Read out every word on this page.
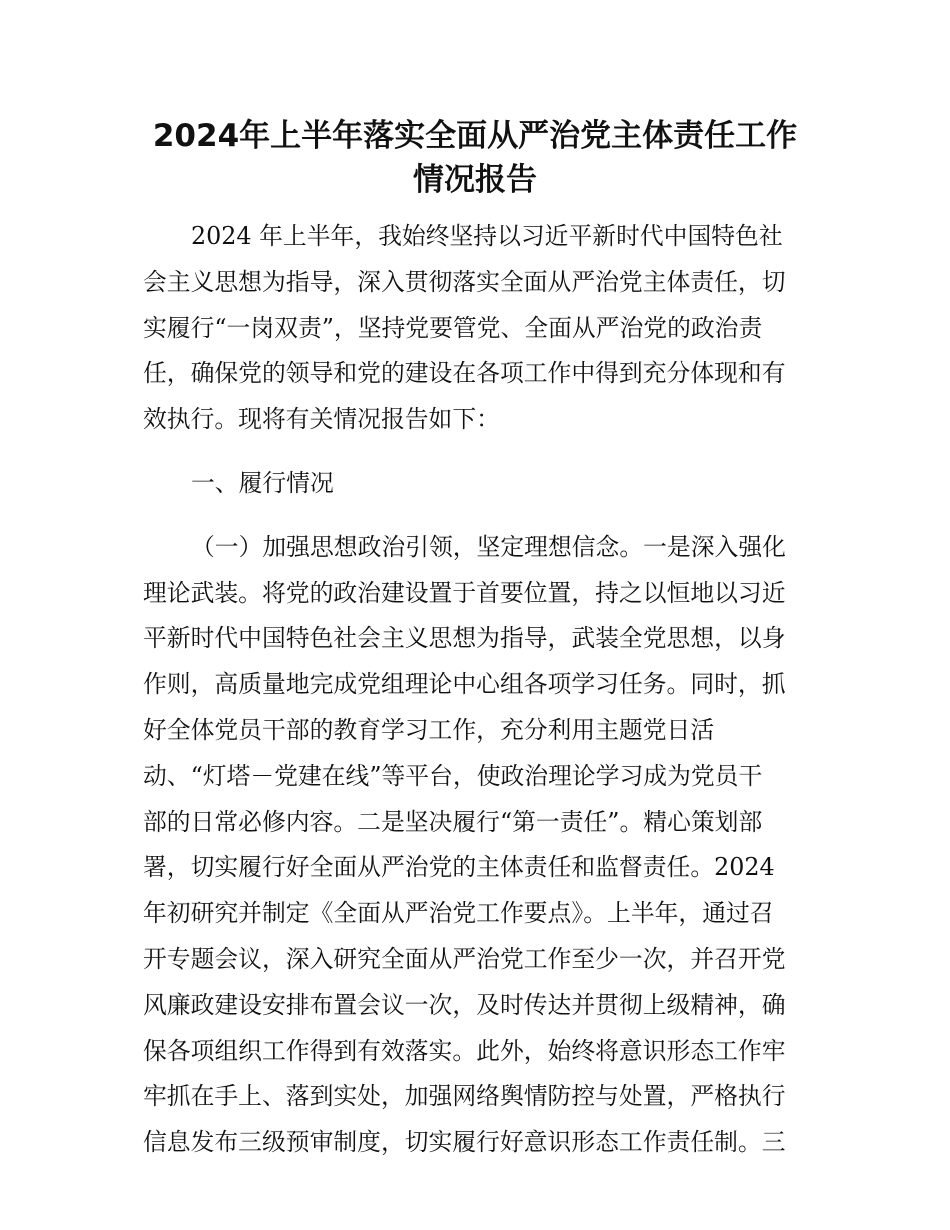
2024年上半年落实全面从严治党主体责任工作
情况报告
2024 年上半年，我始终坚持以习近平新时代中国特色社
会主义思想为指导，深入贯彻落实全面从严治党主体责任，切
实履行“一岗双责”，坚持党要管党、全面从严治党的政治责
任，确保党的领导和党的建设在各项工作中得到充分体现和有
效执行。现将有关情况报告如下：
一、履行情况
（一）加强思想政治引领，坚定理想信念。一是深入强化
理论武装。将党的政治建设置于首要位置，持之以恒地以习近
平新时代中国特色社会主义思想为指导，武装全党思想，以身
作则，高质量地完成党组理论中心组各项学习任务。同时，抓
好全体党员干部的教育学习工作，充分利用主题党日活
动、“灯塔－党建在线”等平台，使政治理论学习成为党员干
部的日常必修内容。二是坚决履行“第一责任”。精心策划部
署，切实履行好全面从严治党的主体责任和监督责任。2024
年初研究并制定《全面从严治党工作要点》。上半年，通过召
开专题会议，深入研究全面从严治党工作至少一次，并召开党
风廉政建设安排布置会议一次，及时传达并贯彻上级精神，确
保各项组织工作得到有效落实。此外，始终将意识形态工作牢
牢抓在手上、落到实处，加强网络舆情防控与处置，严格执行
信息发布三级预审制度，切实履行好意识形态工作责任制。三
